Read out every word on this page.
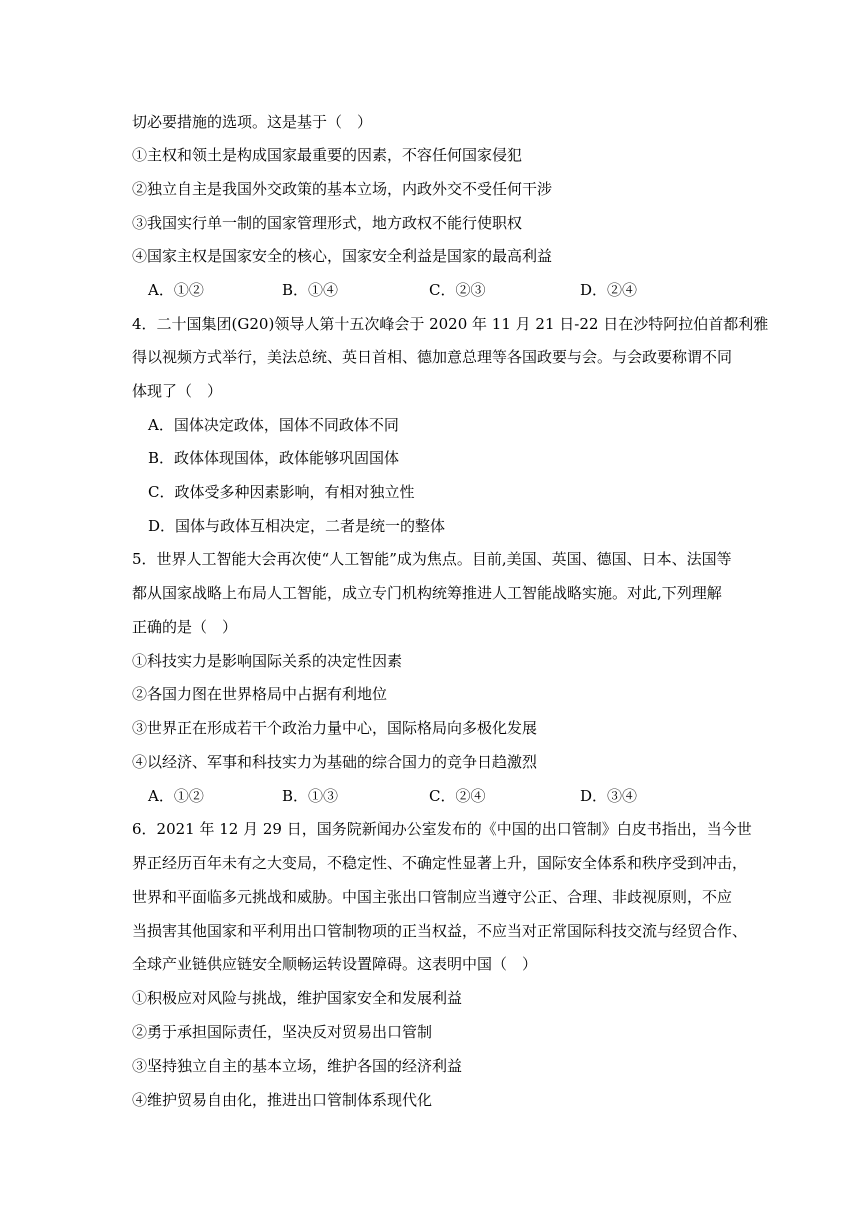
切必要措施的选项。这是基于（　）
①主权和领土是构成国家最重要的因素，不容任何国家侵犯
②独立自主是我国外交政策的基本立场，内政外交不受任何干涉
③我国实行单一制的国家管理形式，地方政权不能行使职权
④国家主权是国家安全的核心，国家安全利益是国家的最高利益
A．①②	B．①④	C．②③	D．②④
4．二十国集团(G20)领导人第十五次峰会于 2020 年 11 月 21 日-22 日在沙特阿拉伯首都利雅
得以视频方式举行，美法总统、英日首相、德加意总理等各国政要与会。与会政要称谓不同
体现了（　）
A．国体决定政体，国体不同政体不同
B．政体体现国体，政体能够巩固国体
C．政体受多种因素影响，有相对独立性
D．国体与政体互相决定，二者是统一的整体
5．世界人工智能大会再次使“人工智能”成为焦点。目前,美国、英国、德国、日本、法国等
都从国家战略上布局人工智能，成立专门机构统筹推进人工智能战略实施。对此,下列理解
正确的是（　）
①科技实力是影响国际关系的决定性因素
②各国力图在世界格局中占据有利地位
③世界正在形成若干个政治力量中心，国际格局向多极化发展
④以经济、军事和科技实力为基础的综合国力的竞争日趋激烈
A．①②	B．①③	C．②④	D．③④
6．2021 年 12 月 29 日，国务院新闻办公室发布的《中国的出口管制》白皮书指出，当今世
界正经历百年未有之大变局，不稳定性、不确定性显著上升，国际安全体系和秩序受到冲击，
世界和平面临多元挑战和威胁。中国主张出口管制应当遵守公正、合理、非歧视原则，不应
当损害其他国家和平利用出口管制物项的正当权益，不应当对正常国际科技交流与经贸合作、
全球产业链供应链安全顺畅运转设置障碍。这表明中国（　）
①积极应对风险与挑战，维护国家安全和发展利益
②勇于承担国际责任，坚决反对贸易出口管制
③坚持独立自主的基本立场，维护各国的经济利益
④维护贸易自由化，推进出口管制体系现代化
